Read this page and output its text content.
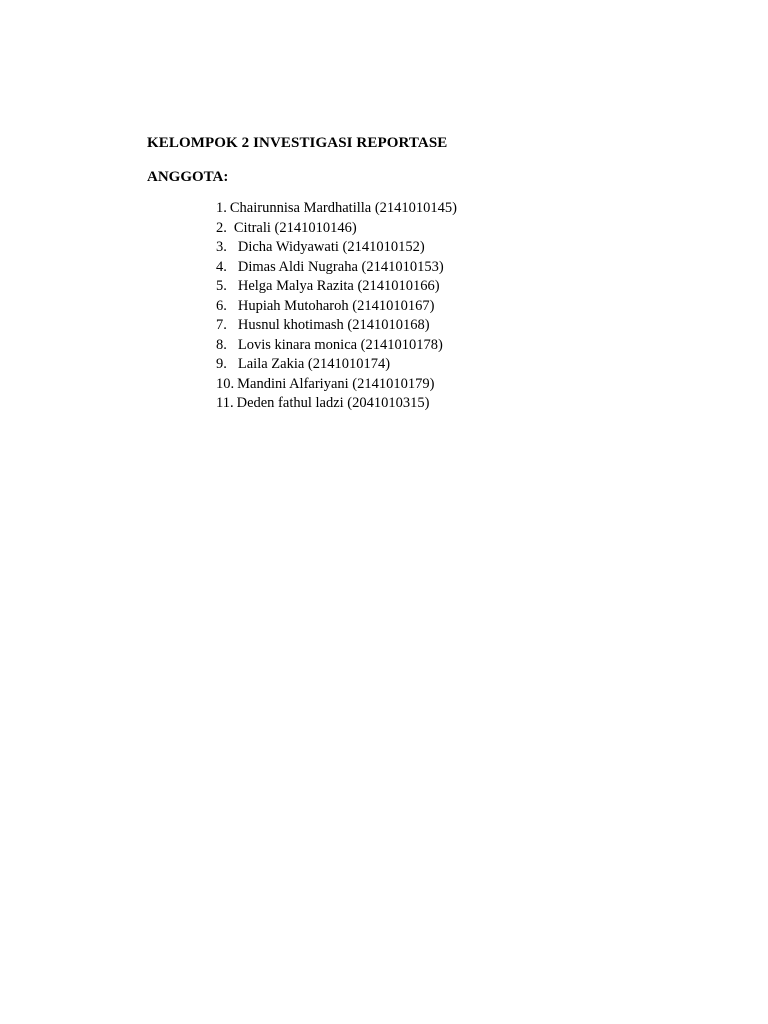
KELOMPOK 2 INVESTIGASI REPORTASE
ANGGOTA:
1. Chairunnisa Mardhatilla (2141010145)
2. Citrali (2141010146)
3. Dicha Widyawati (2141010152)
4. Dimas Aldi Nugraha (2141010153)
5. Helga Malya Razita (2141010166)
6. Hupiah Mutoharoh (2141010167)
7. Husnul khotimash (2141010168)
8. Lovis kinara monica (2141010178)
9. Laila Zakia (2141010174)
10. Mandini Alfariyani (2141010179)
11. Deden fathul ladzi (2041010315)
